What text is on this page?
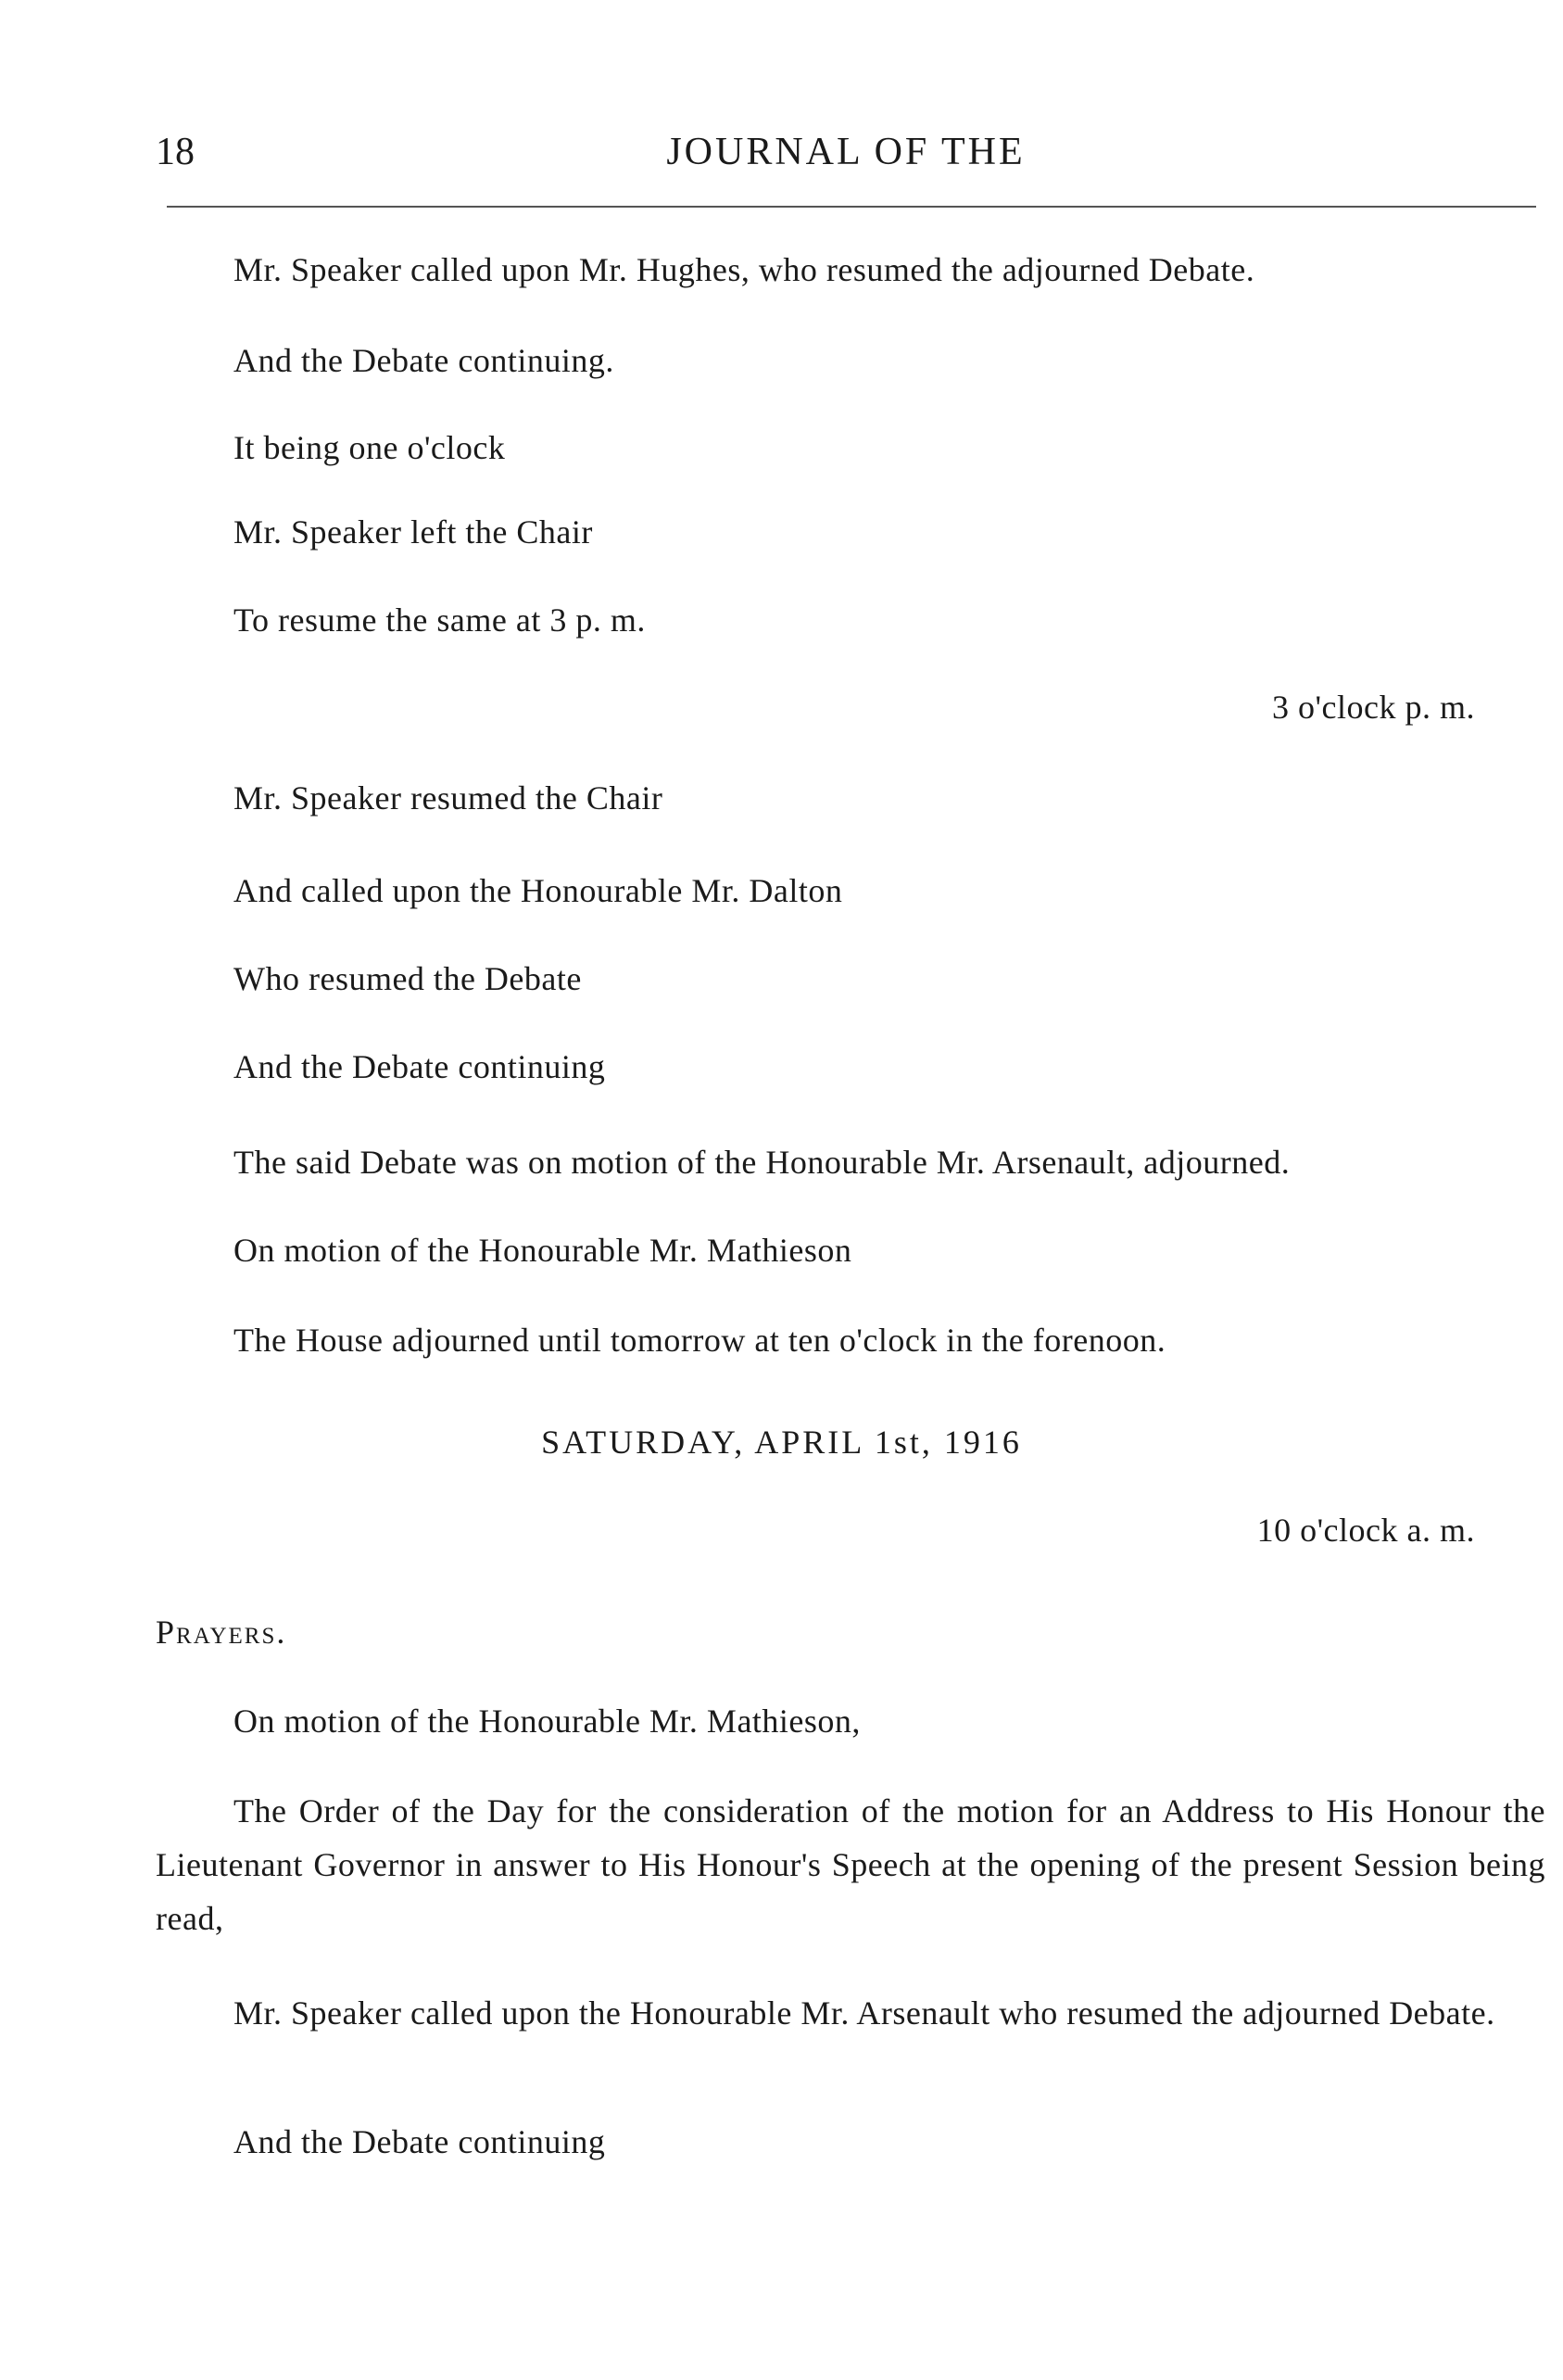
18	JOURNAL OF THE
Mr. Speaker called upon Mr. Hughes, who resumed the adjourned Debate.
And the Debate continuing.
It being one o'clock
Mr. Speaker left the Chair
To resume the same at 3 p. m.
3 o'clock p. m.
Mr. Speaker resumed the Chair
And called upon the Honourable Mr. Dalton
Who resumed the Debate
And the Debate continuing
The said Debate was on motion of the Honourable Mr. Arsenault, adjourned.
On motion of the Honourable Mr. Mathieson
The House adjourned until tomorrow at ten o'clock in the forenoon.
SATURDAY, APRIL 1st, 1916
10 o'clock a. m.
Prayers.
On motion of the Honourable Mr. Mathieson,
The Order of the Day for the consideration of the motion for an Address to His Honour the Lieutenant Governor in answer to His Honour's Speech at the opening of the present Session being read,
Mr. Speaker called upon the Honourable Mr. Arsenault who resumed the adjourned Debate.
And the Debate continuing
